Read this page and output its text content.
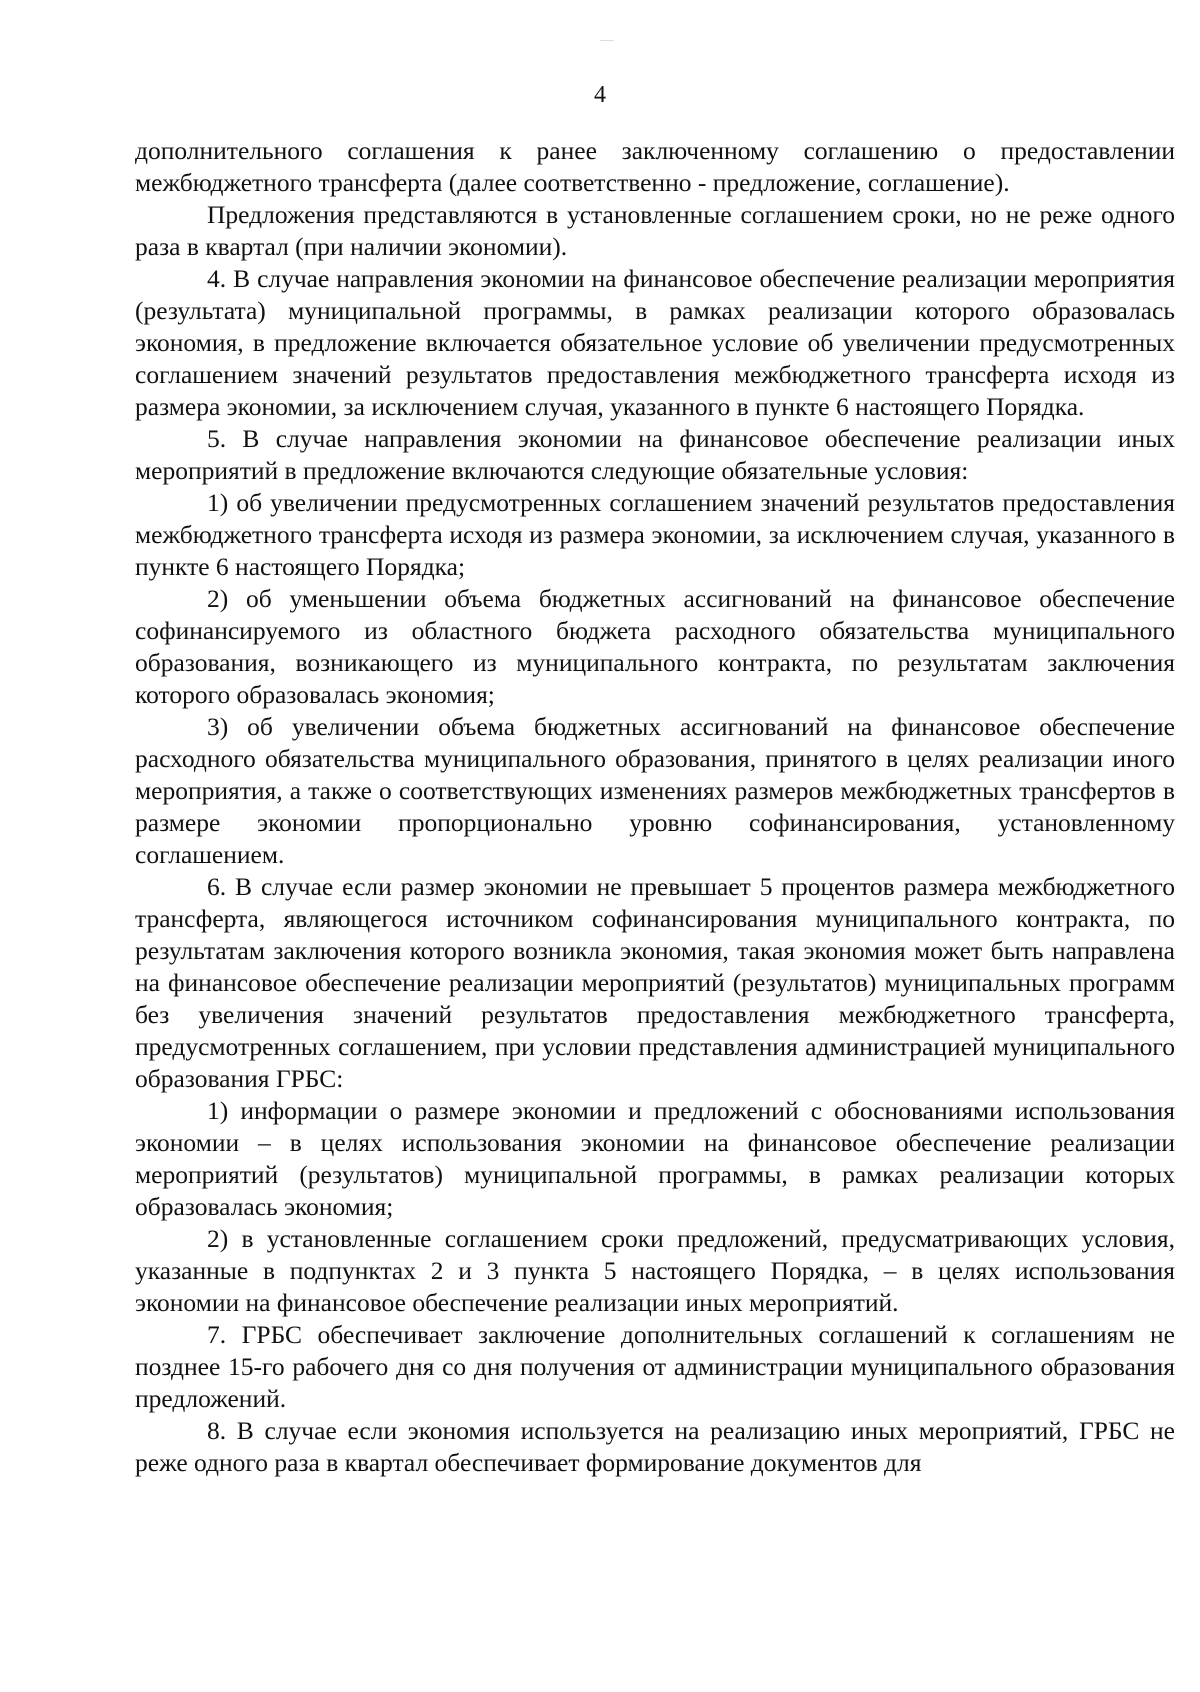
4

дополнительного соглашения к ранее заключенному соглашению о предоставлении межбюджетного трансферта (далее соответственно - предложение, соглашение).

Предложения представляются в установленные соглашением сроки, но не реже одного раза в квартал (при наличии экономии).

4. В случае направления экономии на финансовое обеспечение реализации мероприятия (результата) муниципальной программы, в рамках реализации которого образовалась экономия, в предложение включается обязательное условие об увеличении предусмотренных соглашением значений результатов предоставления межбюджетного трансферта исходя из размера экономии, за исключением случая, указанного в пункте 6 настоящего Порядка.

5. В случае направления экономии на финансовое обеспечение реализации иных мероприятий в предложение включаются следующие обязательные условия:

1) об увеличении предусмотренных соглашением значений результатов предоставления межбюджетного трансферта исходя из размера экономии, за исключением случая, указанного в пункте 6 настоящего Порядка;

2) об уменьшении объема бюджетных ассигнований на финансовое обеспечение софинансируемого из областного бюджета расходного обязательства муниципального образования, возникающего из муниципального контракта, по результатам заключения которого образовалась экономия;

3) об увеличении объема бюджетных ассигнований на финансовое обеспечение расходного обязательства муниципального образования, принятого в целях реализации иного мероприятия, а также о соответствующих изменениях размеров межбюджетных трансфертов в размере экономии пропорционально уровню софинансирования, установленному соглашением.

6. В случае если размер экономии не превышает 5 процентов размера межбюджетного трансферта, являющегося источником софинансирования муниципального контракта, по результатам заключения которого возникла экономия, такая экономия может быть направлена на финансовое обеспечение реализации мероприятий (результатов) муниципальных программ без увеличения значений результатов предоставления межбюджетного трансферта, предусмотренных соглашением, при условии представления администрацией муниципального образования ГРБС:

1) информации о размере экономии и предложений с обоснованиями использования экономии – в целях использования экономии на финансовое обеспечение реализации мероприятий (результатов) муниципальной программы, в рамках реализации которых образовалась экономия;

2) в установленные соглашением сроки предложений, предусматривающих условия, указанные в подпунктах 2 и 3 пункта 5 настоящего Порядка, – в целях использования экономии на финансовое обеспечение реализации иных мероприятий.

7. ГРБС обеспечивает заключение дополнительных соглашений к соглашениям не позднее 15-го рабочего дня со дня получения от администрации муниципального образования предложений.

8. В случае если экономия используется на реализацию иных мероприятий, ГРБС не реже одного раза в квартал обеспечивает формирование документов для
